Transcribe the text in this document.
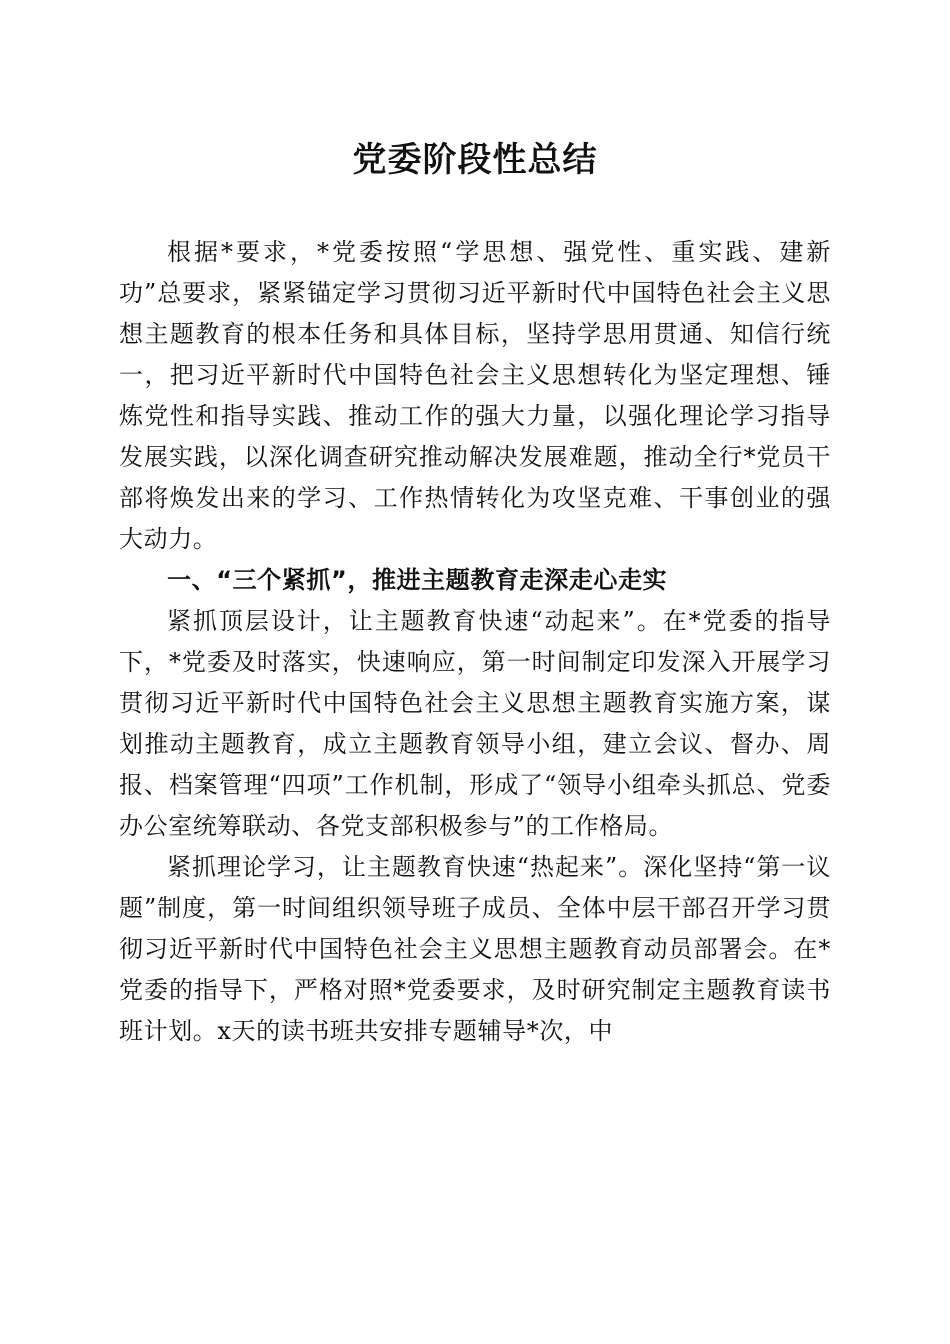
党委阶段性总结

根据*要求，*党委按照“学思想、强党性、重实践、建新功”总要求，紧紧锚定学习贯彻习近平新时代中国特色社会主义思想主题教育的根本任务和具体目标，坚持学思用贯通、知信行统一，把习近平新时代中国特色社会主义思想转化为坚定理想、锤炼党性和指导实践、推动工作的强大力量，以强化理论学习指导发展实践，以深化调查研究推动解决发展难题，推动全行*党员干部将焕发出来的学习、工作热情转化为攻坚克难、干事创业的强大动力。

一、“三个紧抓”，推进主题教育走深走心走实

紧抓顶层设计，让主题教育快速“动起来”。在*党委的指导下，*党委及时落实，快速响应，第一时间制定印发深入开展学习贯彻习近平新时代中国特色社会主义思想主题教育实施方案，谋划推动主题教育，成立主题教育领导小组，建立会议、督办、周报、档案管理“四项”工作机制，形成了“领导小组牵头抓总、党委办公室统筹联动、各党支部积极参与”的工作格局。

紧抓理论学习，让主题教育快速“热起来”。深化坚持“第一议题”制度，第一时间组织领导班子成员、全体中层干部召开学习贯彻习近平新时代中国特色社会主义思想主题教育动员部署会。在*党委的指导下，严格对照*党委要求，及时研究制定主题教育读书班计划。x天的读书班共安排专题辅导*次，中
